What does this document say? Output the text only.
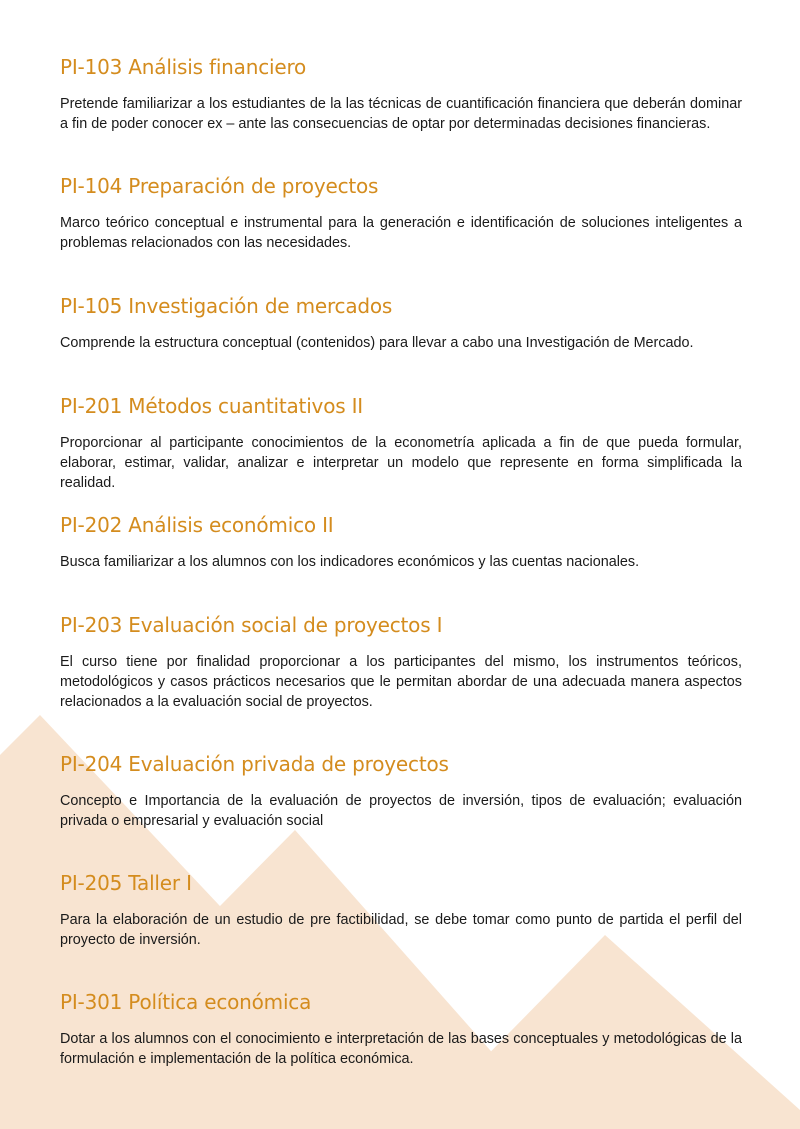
PI-103 Análisis financiero

Pretende familiarizar a los estudiantes de la las técnicas de cuantificación financiera que deberán dominar a fin de poder conocer ex – ante las consecuencias de optar por determinadas decisiones financieras.

PI-104 Preparación de proyectos

Marco teórico conceptual e instrumental para la generación e identificación de soluciones inteligentes a problemas relacionados con las necesidades.

PI-105 Investigación de mercados

Comprende la estructura conceptual (contenidos) para llevar a cabo una Investigación de Mercado.

PI-201 Métodos cuantitativos II

Proporcionar al participante conocimientos de la econometría aplicada a fin de que pueda formular, elaborar, estimar, validar, analizar e interpretar un modelo que represente en forma simplificada la realidad.

PI-202 Análisis económico II

Busca familiarizar a los alumnos con los indicadores económicos y las cuentas nacionales.

PI-203 Evaluación social de proyectos I

El curso tiene por finalidad proporcionar a los participantes del mismo, los instrumentos teóricos, metodológicos y casos prácticos necesarios que le permitan abordar de una adecuada manera aspectos relacionados a la evaluación social de proyectos.

PI-204 Evaluación privada de proyectos

Concepto e Importancia de la evaluación de proyectos de inversión, tipos de evaluación; evaluación privada o empresarial y evaluación social

PI-205 Taller I

Para la elaboración de un estudio de pre factibilidad, se debe tomar como punto de partida el perfil del proyecto de inversión.

PI-301 Política económica

Dotar a los alumnos con el conocimiento e interpretación de las bases conceptuales y metodológicas de la formulación e implementación de la política económica.
